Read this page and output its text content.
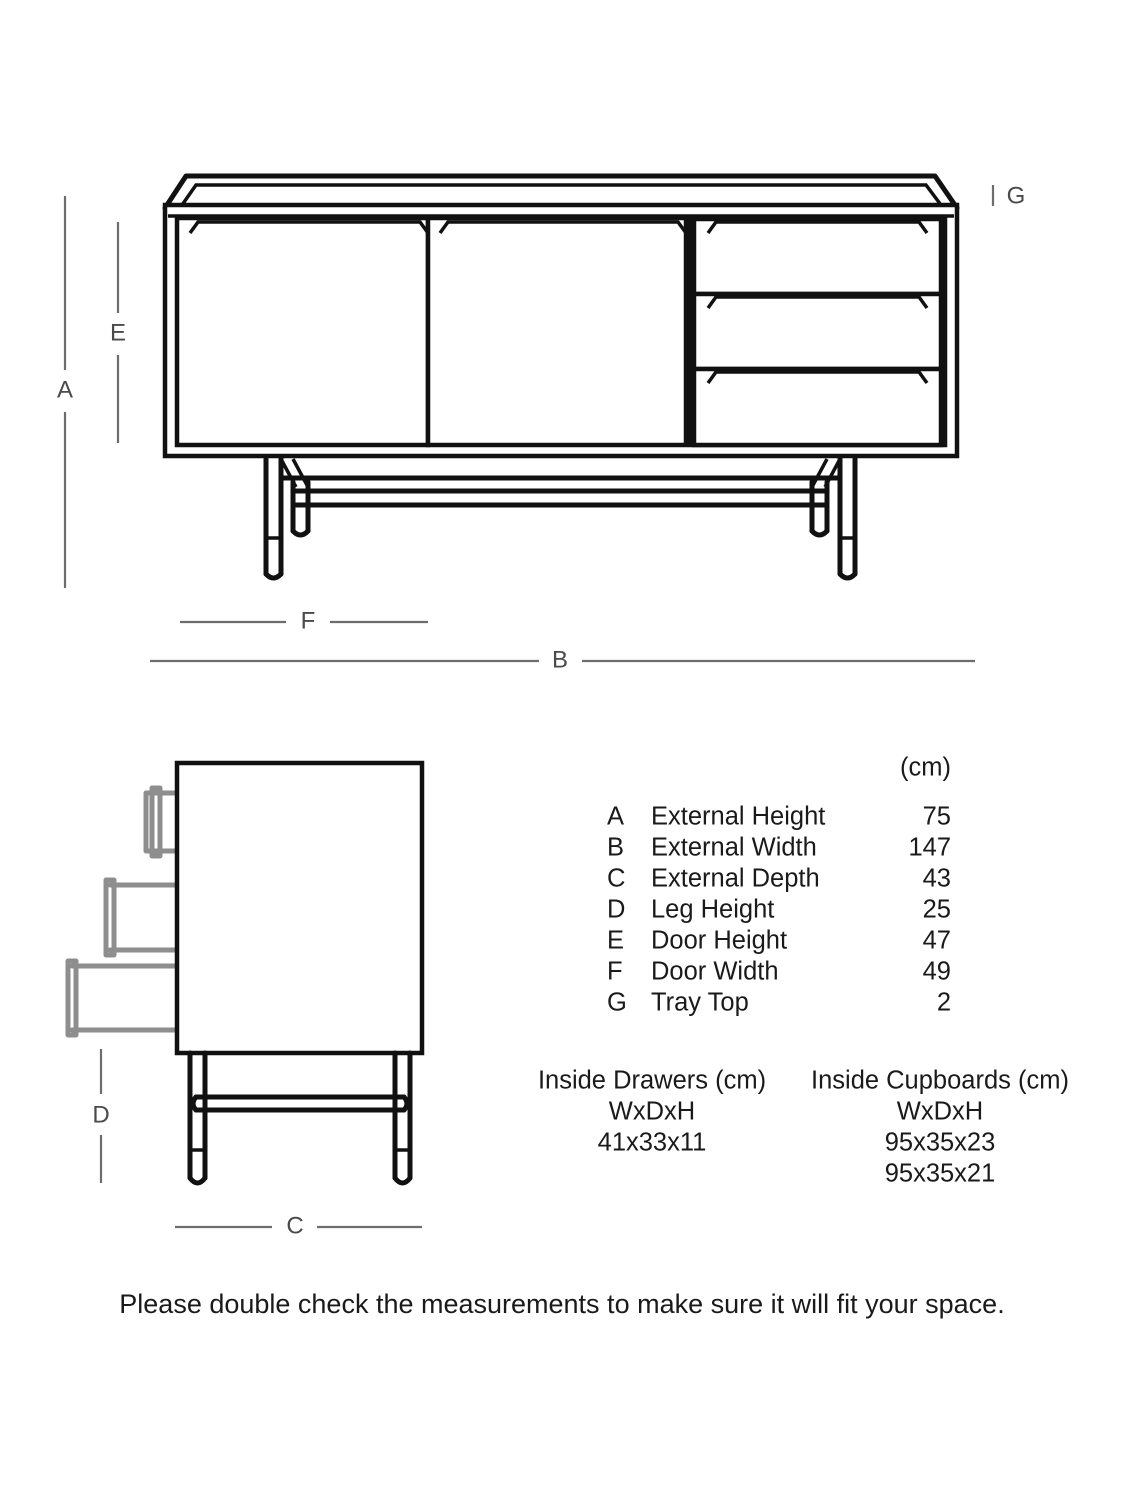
G
A
E
F
B
D
C
(cm)
A External Height	75
B External Width	147
C External Depth	43
D Leg Height	25
E Door Height	47
F Door Width	49
G Tray Top	2
Inside Drawers (cm)
WxDxH
41x33x11
Inside Cupboards (cm)
WxDxH
95x35x23
95x35x21
Please double check the measurements to make sure it will fit your space.
